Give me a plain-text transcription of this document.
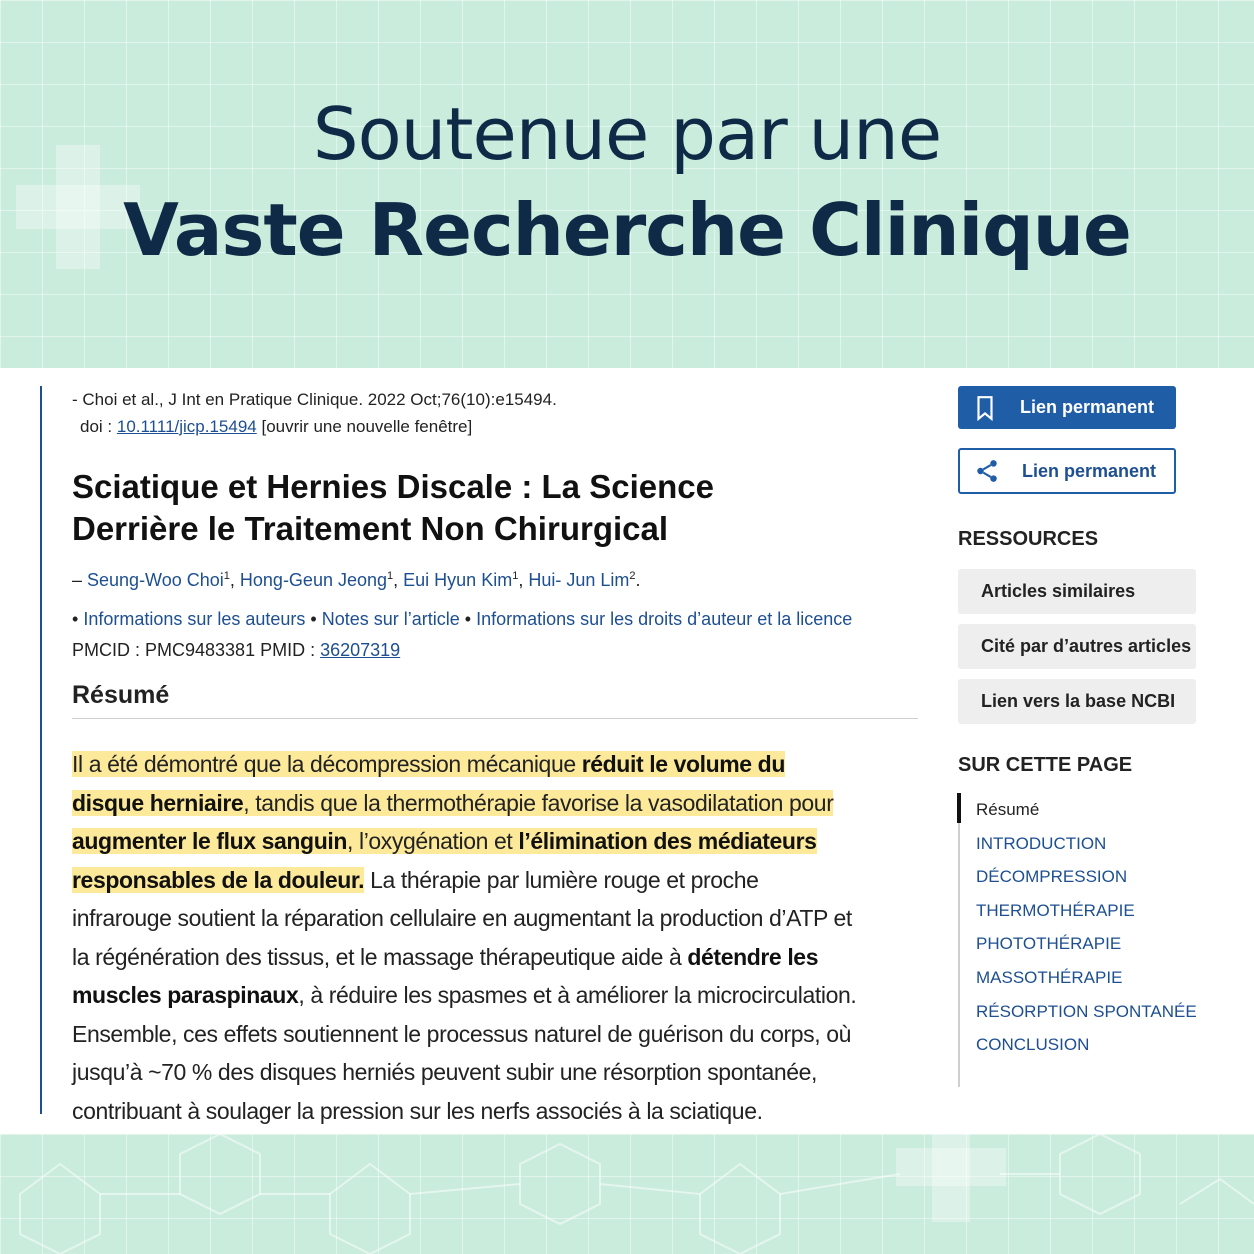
Soutenue par une
Vaste Recherche Clinique
- Choi et al., J Int en Pratique Clinique. 2022 Oct;76(10):e15494.
doi : 10.1111/jicp.15494 [ouvrir une nouvelle fenêtre]
Sciatique et Hernies Discale : La Science Derrière le Traitement Non Chirurgical
– Seung-Woo Choi$^1$, Hong-Geun Jeong$^1$, Eui Hyun Kim$^1$, Hui- Jun Lim$^2$.
• Informations sur les auteurs • Notes sur l’article • Informations sur les droits d’auteur et la licence
PMCID : PMC9483381 PMID : 36207319
Résumé

Il a été démontré que la décompression mécanique réduit le volume du disque herniaire, tandis que la thermothérapie favorise la vasodilatation pour augmenter le flux sanguin, l’oxygénation et l’élimination des médiateurs responsables de la douleur. La thérapie par lumière rouge et proche infrarouge soutient la réparation cellulaire en augmentant la production d’ATP et la régénération des tissus, et le massage thérapeutique aide à détendre les muscles paraspinaux, à réduire les spasmes et à améliorer la microcirculation. Ensemble, ces effets soutiennent le processus naturel de guérison du corps, où jusqu’à ~70 % des disques herniés peuvent subir une résorption spontanée, contribuant à soulager la pression sur les nerfs associés à la sciatique.

Lien permanent
Lien permanent
RESSOURCES
Articles similaires
Cité par d’autres articles
Lien vers la base NCBI
SUR CETTE PAGE
Résumé
INTRODUCTION
DÉCOMPRESSION
THERMOTHÉRAPIE
PHOTOTHÉRAPIE
MASSOTHÉRAPIE
RÉSORPTION SPONTANÉE
CONCLUSION
